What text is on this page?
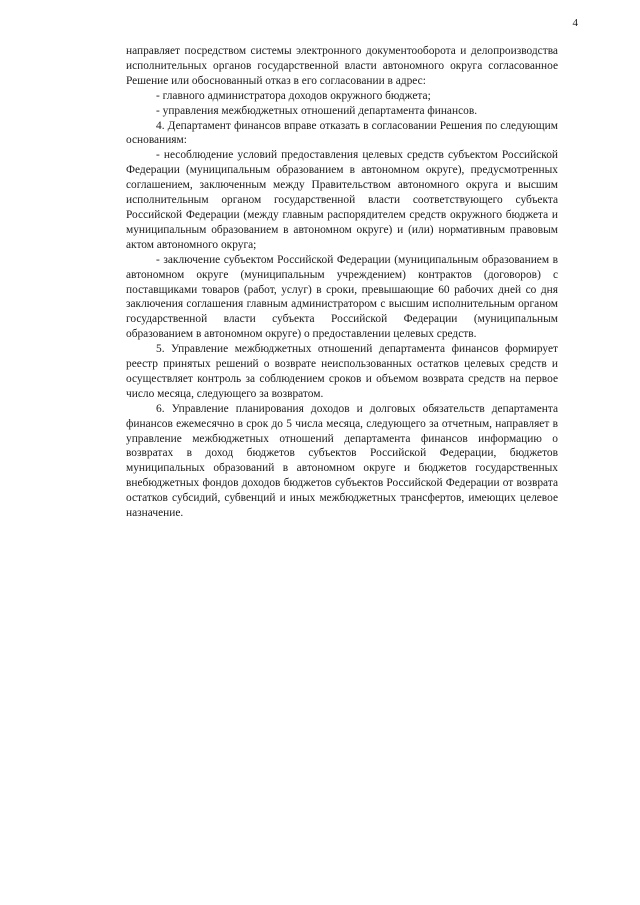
4

направляет посредством системы электронного документооборота и делопроизводства исполнительных органов государственной власти автономного округа согласованное Решение или обоснованный отказ в его согласовании в адрес:

- главного администратора доходов окружного бюджета;

- управления межбюджетных отношений департамента финансов.

4. Департамент финансов вправе отказать в согласовании Решения по следующим основаниям:

- несоблюдение условий предоставления целевых средств субъектом Российской Федерации (муниципальным образованием в автономном округе), предусмотренных соглашением, заключенным между Правительством автономного округа и высшим исполнительным органом государственной власти соответствующего субъекта Российской Федерации (между главным распорядителем средств окружного бюджета и муниципальным образованием в автономном округе) и (или) нормативным правовым актом автономного округа;

- заключение субъектом Российской Федерации (муниципальным образованием в автономном округе (муниципальным учреждением) контрактов (договоров) с поставщиками товаров (работ, услуг) в сроки, превышающие 60 рабочих дней со дня заключения соглашения главным администратором с высшим исполнительным органом государственной власти субъекта Российской Федерации (муниципальным образованием в автономном округе) о предоставлении целевых средств.

5. Управление межбюджетных отношений департамента финансов формирует реестр принятых решений о возврате неиспользованных остатков целевых средств и осуществляет контроль за соблюдением сроков и объемом возврата средств на первое число месяца, следующего за возвратом.

6. Управление планирования доходов и долговых обязательств департамента финансов ежемесячно в срок до 5 числа месяца, следующего за отчетным, направляет в управление межбюджетных отношений департамента финансов информацию о возвратах в доход бюджетов субъектов Российской Федерации, бюджетов муниципальных образований в автономном округе и бюджетов государственных внебюджетных фондов доходов бюджетов субъектов Российской Федерации от возврата остатков субсидий, субвенций и иных межбюджетных трансфертов, имеющих целевое назначение.
